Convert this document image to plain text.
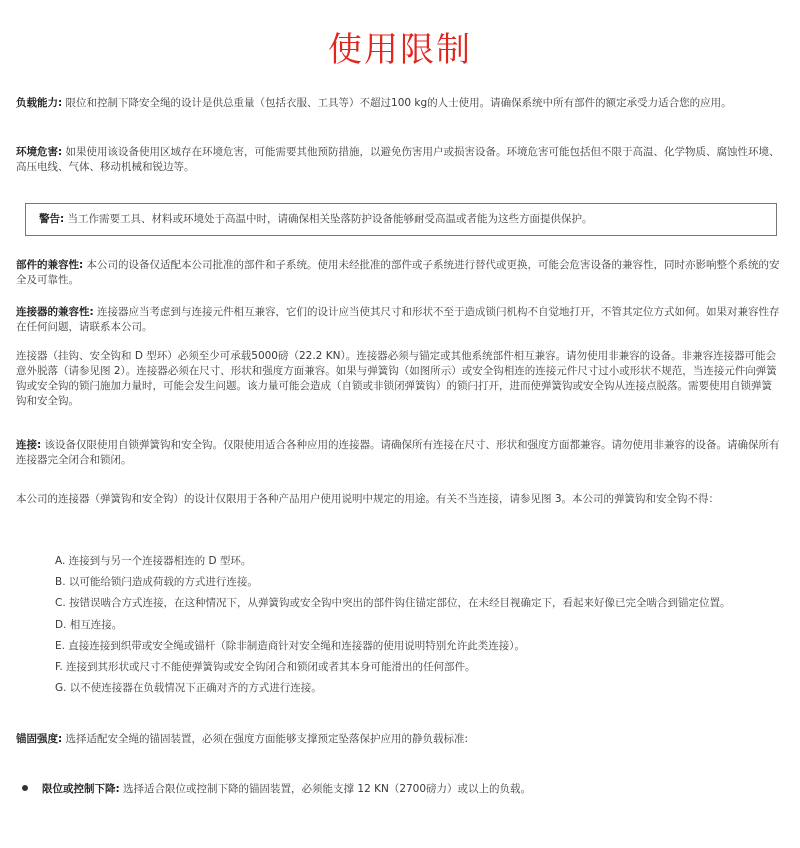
使用限制
负载能力: 限位和控制下降安全绳的设计是供总重量（包括衣服、工具等）不超过100 kg的人士使用。请确保系统中所有部件的额定承受力适合您的应用。
环境危害: 如果使用该设备使用区域存在环境危害，可能需要其他预防措施，以避免伤害用户或损害设备。环境危害可能包括但不限于高温、化学物质、腐蚀性环境、高压电线、气体、移动机械和锐边等。
警告: 当工作需要工具、材料或环境处于高温中时，请确保相关坠落防护设备能够耐受高温或者能为这些方面提供保护。
部件的兼容性: 本公司的设备仅适配本公司批准的部件和子系统。使用未经批准的部件或子系统进行替代或更换，可能会危害设备的兼容性，同时亦影响整个系统的安全及可靠性。
连接器的兼容性: 连接器应当考虑到与连接元件相互兼容，它们的设计应当使其尺寸和形状不至于造成锁闩机构不自觉地打开，不管其定位方式如何。如果对兼容性存在任何问题，请联系本公司。
连接器（挂钩、安全钩和 D 型环）必须至少可承载5000磅（22.2 KN）。连接器必须与锚定或其他系统部件相互兼容。请勿使用非兼容的设备。非兼容连接器可能会意外脱落（请参见图 2）。连接器必须在尺寸、形状和强度方面兼容。如果与弹簧钩（如图所示）或安全钩相连的连接元件尺寸过小或形状不规范，当连接元件向弹簧钩或安全钩的锁闩施加力量时，可能会发生问题。该力量可能会造成（自锁或非锁闭弹簧钩）的锁闩打开，进而使弹簧钩或安全钩从连接点脱落。需要使用自锁弹簧钩和安全钩。
连接: 该设备仅限使用自锁弹簧钩和安全钩。仅限使用适合各种应用的连接器。请确保所有连接在尺寸、形状和强度方面都兼容。请勿使用非兼容的设备。请确保所有连接器完全闭合和锁闭。
本公司的连接器（弹簧钩和安全钩）的设计仅限用于各种产品用户使用说明中规定的用途。有关不当连接，请参见图 3。本公司的弹簧钩和安全钩不得：
A. 连接到与另一个连接器相连的 D 型环。
B. 以可能给锁闩造成荷载的方式进行连接。
C. 按错误啮合方式连接，在这种情况下，从弹簧钩或安全钩中突出的部件钩住锚定部位，在未经目视确定下，看起来好像已完全啮合到锚定位置。
D. 相互连接。
E. 直接连接到织带或安全绳或锚杆（除非制造商针对安全绳和连接器的使用说明特别允许此类连接）。
F. 连接到其形状或尺寸不能使弹簧钩或安全钩闭合和锁闭或者其本身可能滑出的任何部件。
G. 以不使连接器在负载情况下正确对齐的方式进行连接。
锚固强度: 选择适配安全绳的锚固装置，必须在强度方面能够支撑预定坠落保护应用的静负载标准:
限位或控制下降: 选择适合限位或控制下降的锚固装置，必须能支撑 12 KN（2700磅力）或以上的负载。
